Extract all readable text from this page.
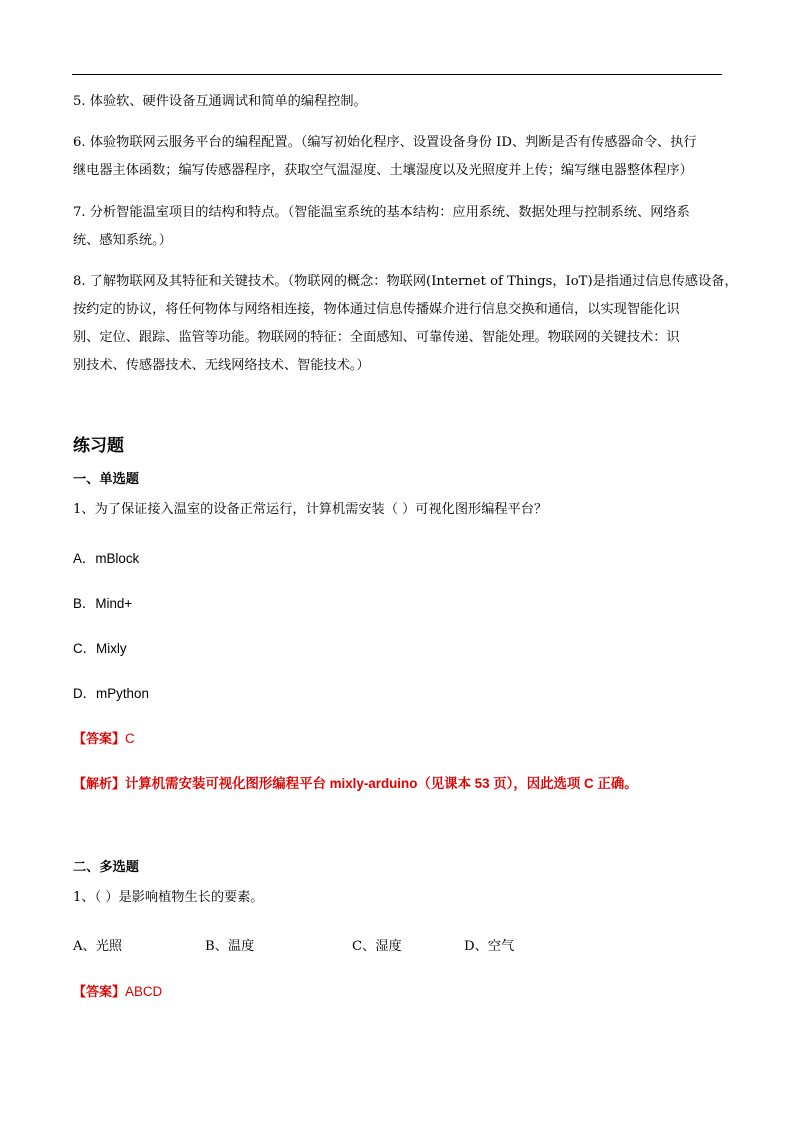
5. 体验软、硬件设备互通调试和简单的编程控制。
6. 体验物联网云服务平台的编程配置。（编写初始化程序、设置设备身份 ID、判断是否有传感器命令、执行
继电器主体函数；编写传感器程序，获取空气温湿度、土壤湿度以及光照度并上传；编写继电器整体程序）
7. 分析智能温室项目的结构和特点。（智能温室系统的基本结构：应用系统、数据处理与控制系统、网络系
统、感知系统。）
8. 了解物联网及其特征和关键技术。（物联网的概念：物联网(Internet of Things，IoT)是指通过信息传感设备，
按约定的协议，将任何物体与网络相连接，物体通过信息传播媒介进行信息交换和通信，以实现智能化识
别、定位、跟踪、监管等功能。物联网的特征：全面感知、可靠传递、智能处理。物联网的关键技术：识
别技术、传感器技术、无线网络技术、智能技术。）
练习题
一、单选题
1、为了保证接入温室的设备正常运行，计算机需安装（ ）可视化图形编程平台？
A．mBlock
B．Mind+
C．Mixly
D．mPython
【答案】C
【解析】计算机需安装可视化图形编程平台 mixly-arduino（见课本 53 页），因此选项 C 正确。
二、多选题
1、（ ）是影响植物生长的要素。
A、光照	B、温度	C、湿度	D、空气
【答案】ABCD
